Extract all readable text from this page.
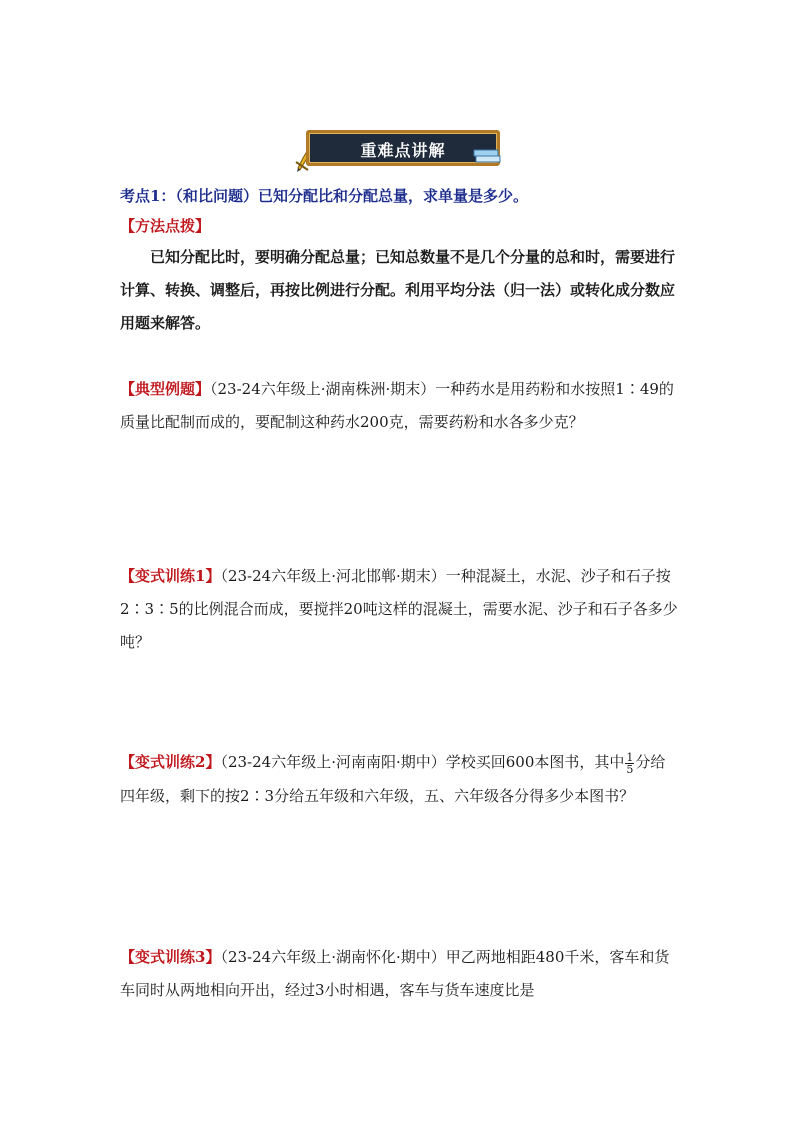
重难点讲解
考点1：（和比问题）已知分配比和分配总量，求单量是多少。
【方法点拨】
已知分配比时，要明确分配总量；已知总数量不是几个分量的总和时，需要进行计算、转换、调整后，再按比例进行分配。利用平均分法（归一法）或转化成分数应用题来解答。
【典型例题】（23-24六年级上·湖南株洲·期末）一种药水是用药粉和水按照1∶49的质量比配制而成的，要配制这种药水200克，需要药粉和水各多少克？
【变式训练1】（23-24六年级上·河北邯郸·期末）一种混凝土，水泥、沙子和石子按2∶3∶5的比例混合而成，要搅拌20吨这样的混凝土，需要水泥、沙子和石子各多少吨？
【变式训练2】（23-24六年级上·河南南阳·期中）学校买回600本图书，其中 $\frac{1}{5}$ 分给四年级，剩下的按2∶3分给五年级和六年级，五、六年级各分得多少本图书？
【变式训练3】（23-24六年级上·湖南怀化·期中）甲乙两地相距480千米，客车和货车同时从两地相向开出，经过3小时相遇，客车与货车速度比是
